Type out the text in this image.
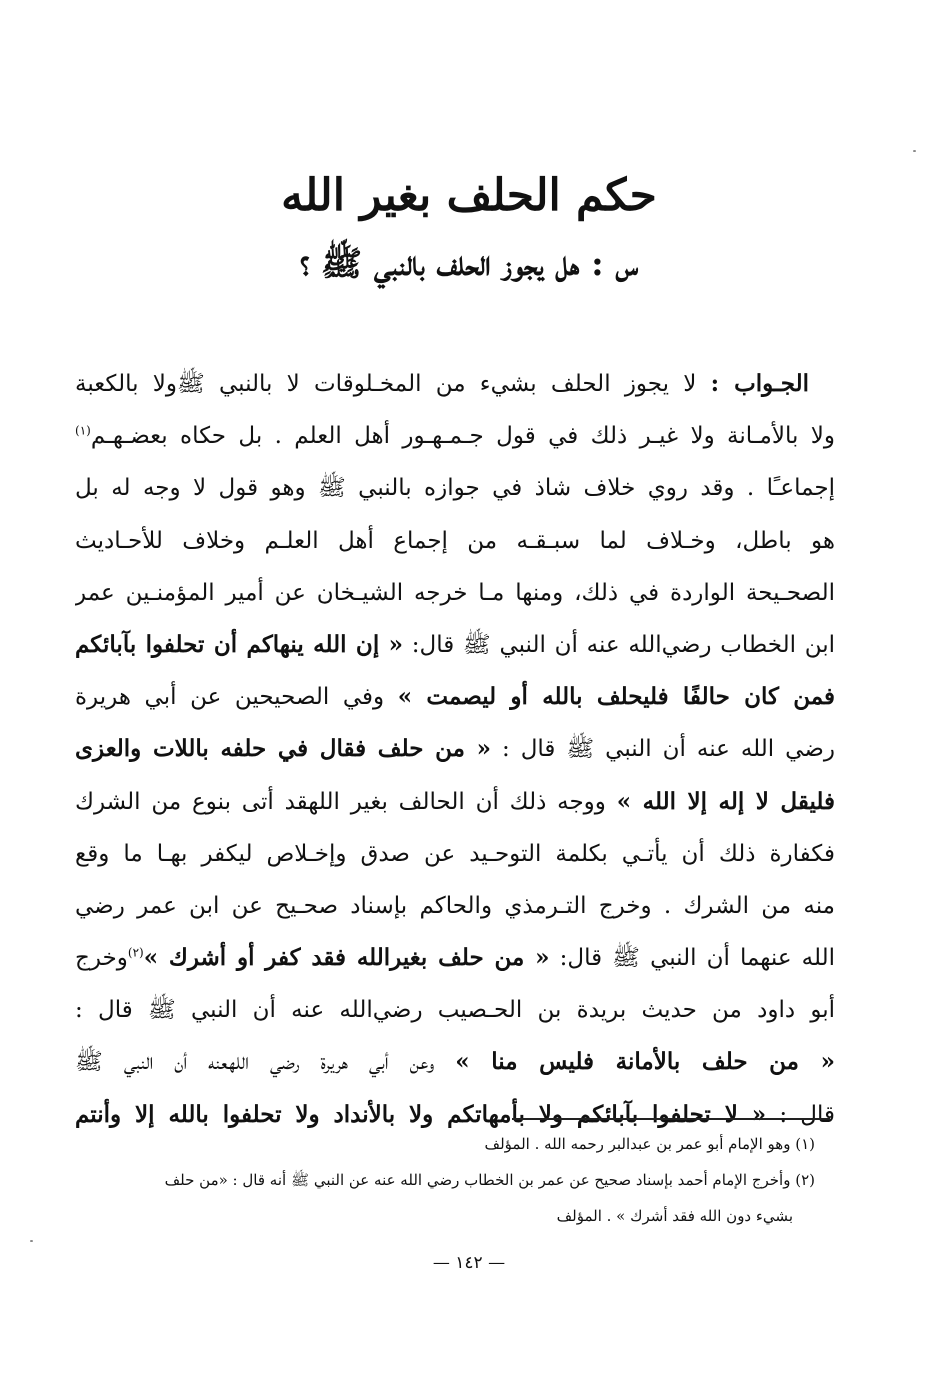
حكم الحلف بغير الله
س : هل يجوز الحلف بالنبي ﷺ ؟
الجـواب : لا يجوز الحلف بشيء من المخـلوقات لا بالنبي ﷺولا بالكعبة
ولا بالأمـانة ولا غيـر ذلك في قول جـمـهـور أهل العلم . بل حكاه بعضـهـم$^{(١)}$
إجماعـًا . وقد روي خلاف شاذ في جوازه بالنبي ﷺ وهو قول لا وجه له بل
هو باطل، وخـلاف لما سبـقـه من إجماع أهل العلـم وخلاف للأحـاديث
الصحـيحة الواردة في ذلك، ومنها مـا خرجه الشيـخان عن أمير المؤمنـين عمر
ابن الخطاب رضي‌الله عنه أن النبي ﷺ قال: « إن الله ينهاكم أن تحلفوا بآبائكم
فمن كان حالفًا فليحلف بالله أو ليصمت » وفي الصحيحين عن أبي هريرة
رضي الله عنه أن النبي ﷺ قال : « من حلف فقال في حلفه باللات والعزى
فليقل لا إله إلا الله » ووجه ذلك أن الحالف بغير اللهقد أتى بنوع من الشرك
فكفارة ذلك أن يأتـي بكلمة التوحـيد عن صدق وإخـلاص ليكفر بهـا ما وقع
منه من الشرك . وخرج التـرمذي والحاكم بإسناد صحـيح عن ابن عمر رضي
الله عنهما أن النبي ﷺ قال: « من حلف بغيرالله فقد كفر أو أشرك »$^{(٢)}$وخرج
أبو داود من حديث بريدة بن الحـصيب رضي‌الله عنه أن النبي ﷺ قال :
« من حلف بالأمانة فليس منا » وعن أبي هريرة رضي اللهعنه أن النبي ﷺ
قال : « لا تحلفوا بآبائكم ولا بأمهاتكم ولا بالأنداد ولا تحلفوا بالله إلا وأنتم
(١) وهو الإمام أبو عمر بن عبدالبر رحمه الله . المؤلف
(٢) وأخرج الإمام أحمد بإسناد صحيح عن عمر بن الخطاب رضي الله عنه عن النبي ﷺ أنه قال : «من حلف
بشيء دون الله فقد أشرك » . المؤلف
— ١٤٢ —
